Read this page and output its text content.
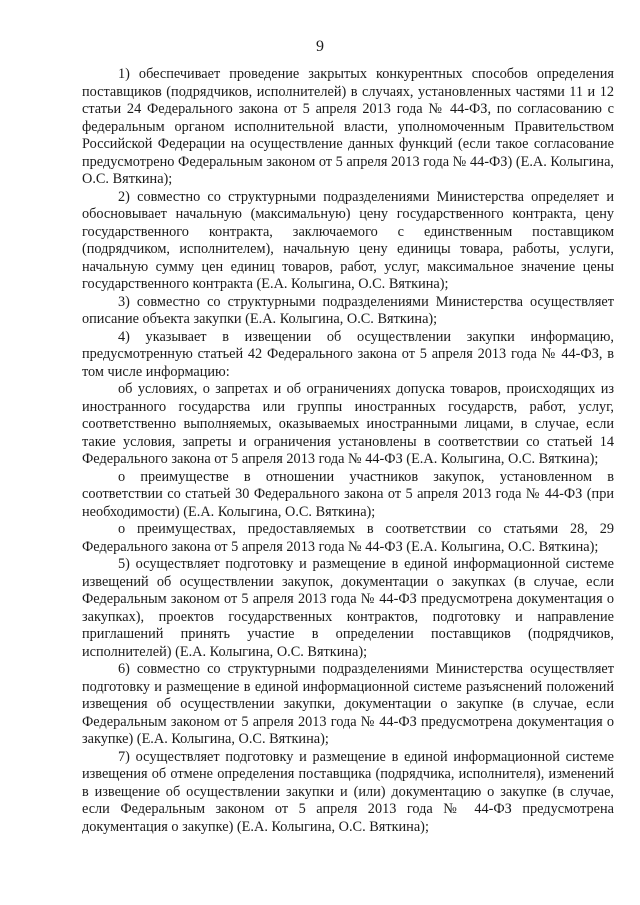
9

1) обеспечивает проведение закрытых конкурентных способов определения поставщиков (подрядчиков, исполнителей) в случаях, установленных частями 11 и 12 статьи 24 Федерального закона от 5 апреля 2013 года № 44-ФЗ, по согласованию с федеральным органом исполнительной власти, уполномоченным Правительством Российской Федерации на осуществление данных функций (если такое согласование предусмотрено Федеральным законом от 5 апреля 2013 года № 44-ФЗ) (Е.А. Колыгина, О.С. Вяткина);

2) совместно со структурными подразделениями Министерства определяет и обосновывает начальную (максимальную) цену государственного контракта, цену государственного контракта, заключаемого с единственным поставщиком (подрядчиком, исполнителем), начальную цену единицы товара, работы, услуги, начальную сумму цен единиц товаров, работ, услуг, максимальное значение цены государственного контракта (Е.А. Колыгина, О.С. Вяткина);

3) совместно со структурными подразделениями Министерства осуществляет описание объекта закупки (Е.А. Колыгина, О.С. Вяткина);

4) указывает в извещении об осуществлении закупки информацию, предусмотренную статьей 42 Федерального закона от 5 апреля 2013 года № 44-ФЗ, в том числе информацию:

об условиях, о запретах и об ограничениях допуска товаров, происходящих из иностранного государства или группы иностранных государств, работ, услуг, соответственно выполняемых, оказываемых иностранными лицами, в случае, если такие условия, запреты и ограничения установлены в соответствии со статьей 14 Федерального закона от 5 апреля 2013 года № 44-ФЗ (Е.А. Колыгина, О.С. Вяткина);

о преимуществе в отношении участников закупок, установленном в соответствии со статьей 30 Федерального закона от 5 апреля 2013 года № 44-ФЗ (при необходимости) (Е.А. Колыгина, О.С. Вяткина);

о преимуществах, предоставляемых в соответствии со статьями 28, 29 Федерального закона от 5 апреля 2013 года № 44-ФЗ (Е.А. Колыгина, О.С. Вяткина);

5) осуществляет подготовку и размещение в единой информационной системе извещений об осуществлении закупок, документации о закупках (в случае, если Федеральным законом от 5 апреля 2013 года № 44-ФЗ предусмотрена документация о закупках), проектов государственных контрактов, подготовку и направление приглашений принять участие в определении поставщиков (подрядчиков, исполнителей) (Е.А. Колыгина, О.С. Вяткина);

6) совместно со структурными подразделениями Министерства осуществляет подготовку и размещение в единой информационной системе разъяснений положений извещения об осуществлении закупки, документации о закупке (в случае, если Федеральным законом от 5 апреля 2013 года № 44-ФЗ предусмотрена документация о закупке) (Е.А. Колыгина, О.С. Вяткина);

7) осуществляет подготовку и размещение в единой информационной системе извещения об отмене определения поставщика (подрядчика, исполнителя), изменений в извещение об осуществлении закупки и (или) документацию о закупке (в случае, если Федеральным законом от 5 апреля 2013 года № 44-ФЗ предусмотрена документация о закупке) (Е.А. Колыгина, О.С. Вяткина);
